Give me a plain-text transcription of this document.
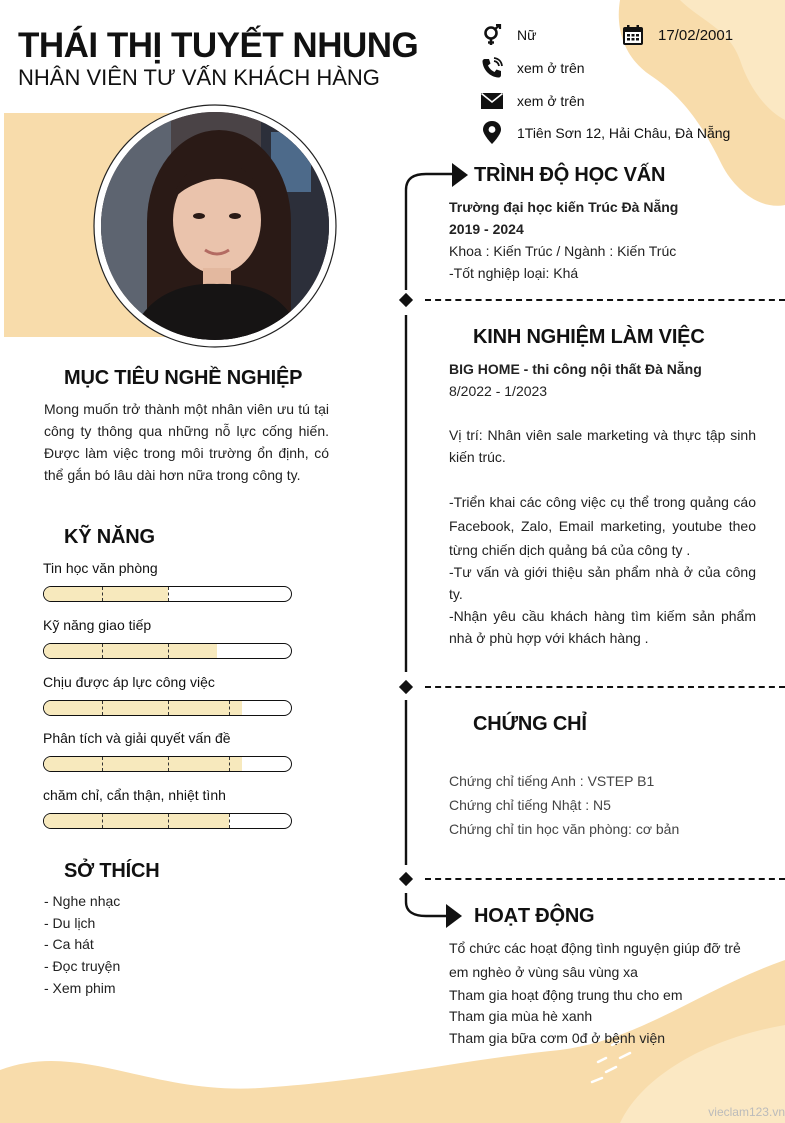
THÁI THỊ TUYẾT NHUNG
NHÂN VIÊN TƯ VẤN KHÁCH HÀNG
Nữ	17/02/2001
xem ở trên
xem ở trên
1Tiên Sơn 12, Hải Châu, Đà Nẵng
MỤC TIÊU NGHỀ NGHIỆP

Mong muốn trở thành một nhân viên ưu tú tại công ty thông qua những nỗ lực cống hiến. Được làm việc trong môi trường ổn định, có thể gắn bó lâu dài hơn nữa trong công ty.

KỸ NĂNG
Tin học văn phòng
Kỹ năng giao tiếp
Chịu được áp lực công việc
Phân tích và giải quyết vấn đề
chăm chỉ, cẩn thận, nhiệt tình
SỞ THÍCH
- Nghe nhạc
- Du lịch
- Ca hát
- Đọc truyện
- Xem phim
TRÌNH ĐỘ HỌC VẤN
Trường đại học kiến Trúc Đà Nẵng
2019 - 2024
Khoa : Kiến Trúc / Ngành : Kiến Trúc
-Tốt nghiệp loại: Khá
KINH NGHIỆM LÀM VIỆC
BIG HOME - thi công nội thất Đà Nẵng
8/2022 - 1/2023

Vị trí: Nhân viên sale marketing và thực tập sinh kiến trúc.

-Triển khai các công việc cụ thể trong quảng cáo Facebook, Zalo, Email marketing, youtube theo từng chiến dịch quảng bá của công ty .

-Tư vấn và giới thiệu sản phẩm nhà ở của công ty.

-Nhận yêu cầu khách hàng tìm kiếm sản phẩm nhà ở phù hợp với khách hàng .

CHỨNG CHỈ
Chứng chỉ tiếng Anh : VSTEP B1
Chứng chỉ tiếng Nhật : N5
Chứng chỉ tin học văn phòng: cơ bản
HOẠT ĐỘNG

Tổ chức các hoạt động tình nguyện giúp đỡ trẻ em nghèo ở vùng sâu vùng xa

Tham gia hoạt động trung thu cho em
Tham gia mùa hè xanh
Tham gia bữa cơm 0đ ở bệnh viện
vieclam123.vn
